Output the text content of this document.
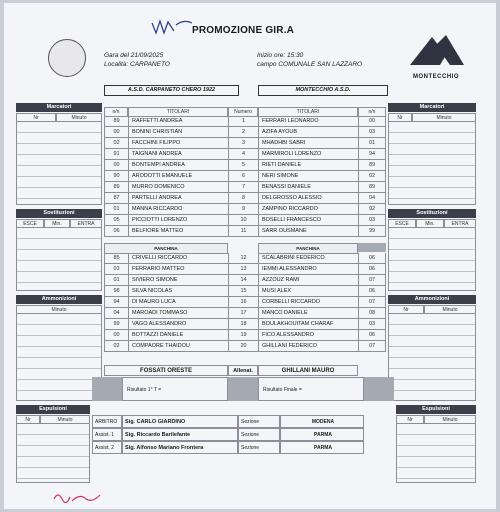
PROMOZIONE GIR.A
Gara del 21/09/2025
Località: CARPANETO
Inizio ore: 15:30
campo COMUNALE SAN LAZZARO
MONTECCHIO
A.S.D. CARPANETO CHERO 1922	MONTECCHIO A.S.D.
Marcatori
Nr	Minuto
Sostituzioni
ESCE	Min.	ENTRA
Ammonizioni
Minuto
Espulsioni
Nr	Minuto
Marcatori
Nr	Minuto
Sostituzioni
ESCE	Min.	ENTRA
Ammonizioni
Nr	Minuto
Espulsioni
Nr	Minuto
n/n	TITOLARI	Numero	TITOLARI	n/n
89	RAFFETTI ANDREA	1	FERRARI LEONARDO	00
00	BONINI CHRISTIAN	2	AZIFA AYOUB	03
02	FACCHINI FILIPPO	3	MHADHBI SABRI	01
91	TAIGNANI ANDREA	4	MARMIROLI LORENZO	94
00	BONTEMPI ANDREA	5	RIETI DANIELE	89
90	ARODOTTI EMANUELE	6	NERI SIMONE	02
89	MURRO DOMENICO	7	BENASSI DANIELE	89
87	PARTELLI ANDREA	8	DELGROSSO ALESSIO	04
01	MANNA RICCARDO	9	ZAMPINO RICCARDO	92
05	PICCIOTTI LORENZO	10	BOSELLI FRANCESCO	03
06	BELFIORE MATTEO	11	SARR OUSMANE	99
PANCHINA	PANCHINA
85	CRIVELLI RICCARDO	12	SCALABRINI FEDERICO	06
03	FERRARIO MATTEO	13	IEMMI ALESSANDRO	06
01	SIVIERO SIMONE	14	AZZOUZ RAMI	07
98	SILVA NICOLAS	15	MUSI ALEX	06
94	DI MAURO LUCA	16	CORBELLI RICCARDO	07
04	MAROADI TOMMASO	17	MANCO DANIELE	08
99	VAGO ALESSANDRO	18	BOULAKHOUITAM CHARAF	03
00	BOTTAZZI DANIELE	19	FICO ALESSANDRO	06
02	COMPAORE THAIDOU	20	GHILLANI FEDERICO	07
FOSSATI ORESTE	Allenat.	GHILLANI MAURO
Risultato 1° T =	Risultato Finale =
ARBITRO	Sig. CARLO GIARDINO	Sezione	MODENA
Assist. 1	Sig. Riccardo Barilefante	Sezione	PARMA
Assist. 2	Sig. Alfonso Mariano Frontera	Sezione	PARMA
